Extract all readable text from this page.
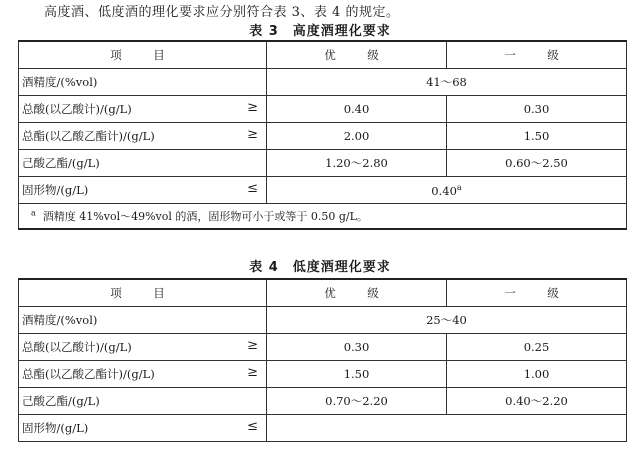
高度酒、低度酒的理化要求应分别符合表 3、表 4 的规定。
表 3　高度酒理化要求
项　目	优　级	一　级
酒精度/(%vol)	41～68	
总酸(以乙酸计)/(g/L) ≥	0.40	0.30
总酯(以乙酸乙酯计)/(g/L) ≥	2.00	1.50
己酸乙酯/(g/L)	1.20～2.80	0.60～2.50
固形物/(g/L) ≤	0.40$^a$
$^a$ 酒精度 41%vol～49%vol 的酒，固形物可小于或等于 0.50 g/L。		
表 4　低度酒理化要求
项　目	优　级	一　级
酒精度/(%vol)	25～40	
总酸(以乙酸计)/(g/L) ≥	0.30	0.25
总酯(以乙酸乙酯计)/(g/L) ≥	1.50	1.00
己酸乙酯/(g/L)	0.70～2.20	0.40～2.20
固形物/(g/L) ≤		
